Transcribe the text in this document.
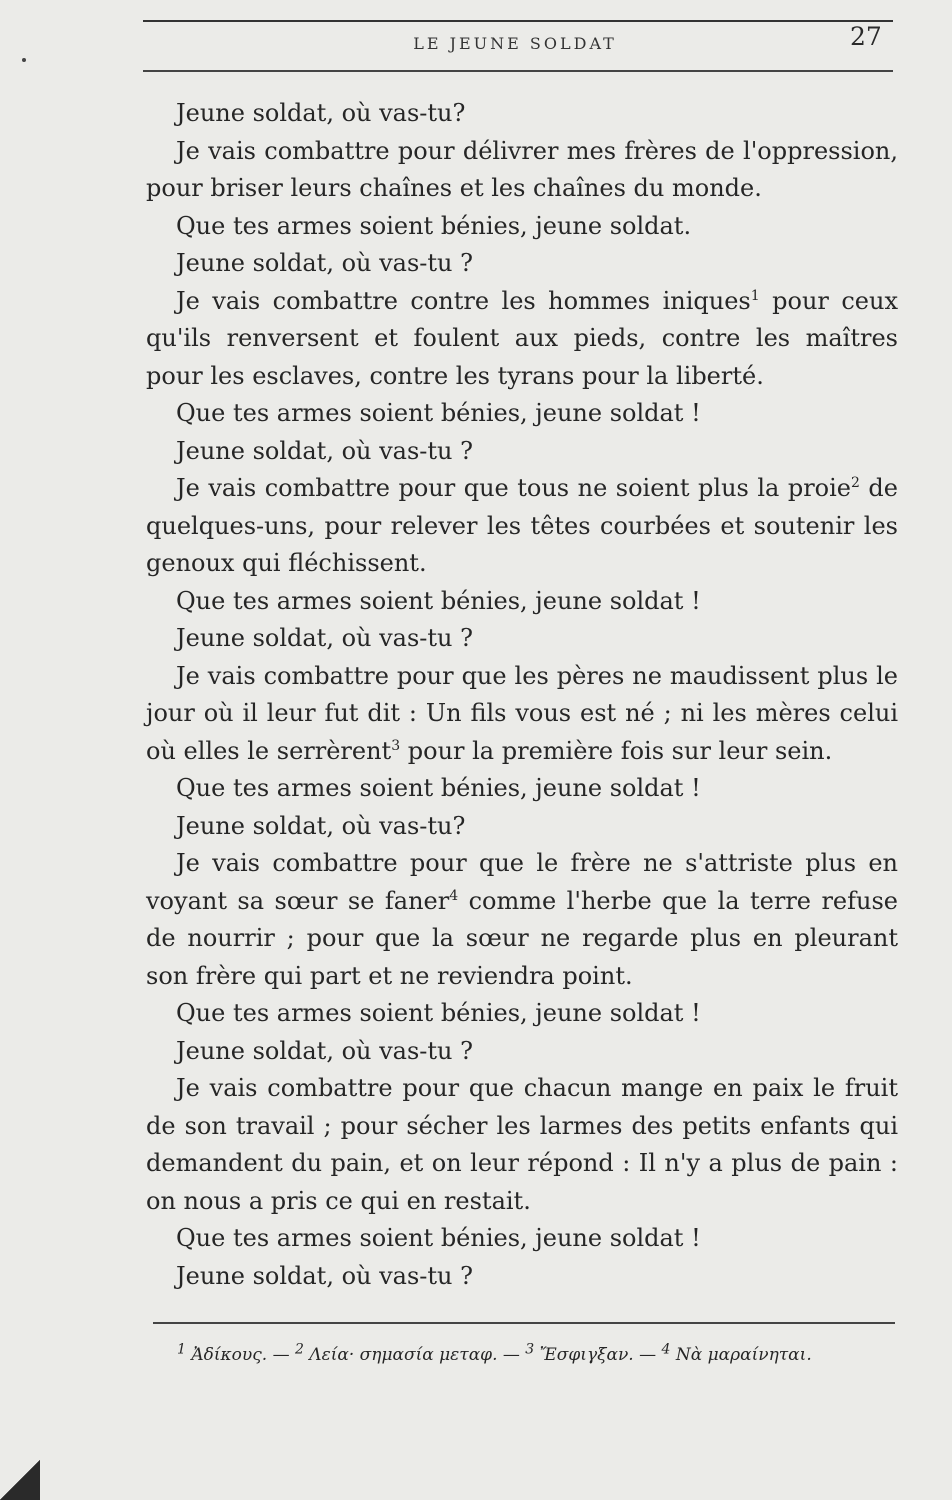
LE JEUNE SOLDAT	27

Jeune soldat, où vas-tu?

Je vais combattre pour délivrer mes frères de l'oppression, pour briser leurs chaînes et les chaînes du monde.

Que tes armes soient bénies, jeune soldat.

Jeune soldat, où vas-tu ?

Je vais combattre contre les hommes iniques$^1$ pour ceux qu'ils renversent et foulent aux pieds, contre les maîtres pour les esclaves, contre les tyrans pour la liberté.

Que tes armes soient bénies, jeune soldat !

Jeune soldat, où vas-tu ?

Je vais combattre pour que tous ne soient plus la proie$^2$ de quelques-uns, pour relever les têtes courbées et soutenir les genoux qui fléchissent.

Que tes armes soient bénies, jeune soldat !

Jeune soldat, où vas-tu ?

Je vais combattre pour que les pères ne maudissent plus le jour où il leur fut dit : Un fils vous est né ; ni les mères celui où elles le serrèrent$^3$ pour la première fois sur leur sein.

Que tes armes soient bénies, jeune soldat !

Jeune soldat, où vas-tu?

Je vais combattre pour que le frère ne s'attriste plus en voyant sa sœur se faner$^4$ comme l'herbe que la terre refuse de nourrir ; pour que la sœur ne regarde plus en pleurant son frère qui part et ne reviendra point.

Que tes armes soient bénies, jeune soldat !

Jeune soldat, où vas-tu ?

Je vais combattre pour que chacun mange en paix le fruit de son travail ; pour sécher les larmes des petits enfants qui demandent du pain, et on leur répond : Il n'y a plus de pain : on nous a pris ce qui en restait.

Que tes armes soient bénies, jeune soldat !

Jeune soldat, où vas-tu ?

$^1$ Ἀδίκους. — $^2$ Λεία· σημασία μεταφ. — $^3$ Ἔσφιγξαν. — $^4$ Νὰ μαραίνηται.
